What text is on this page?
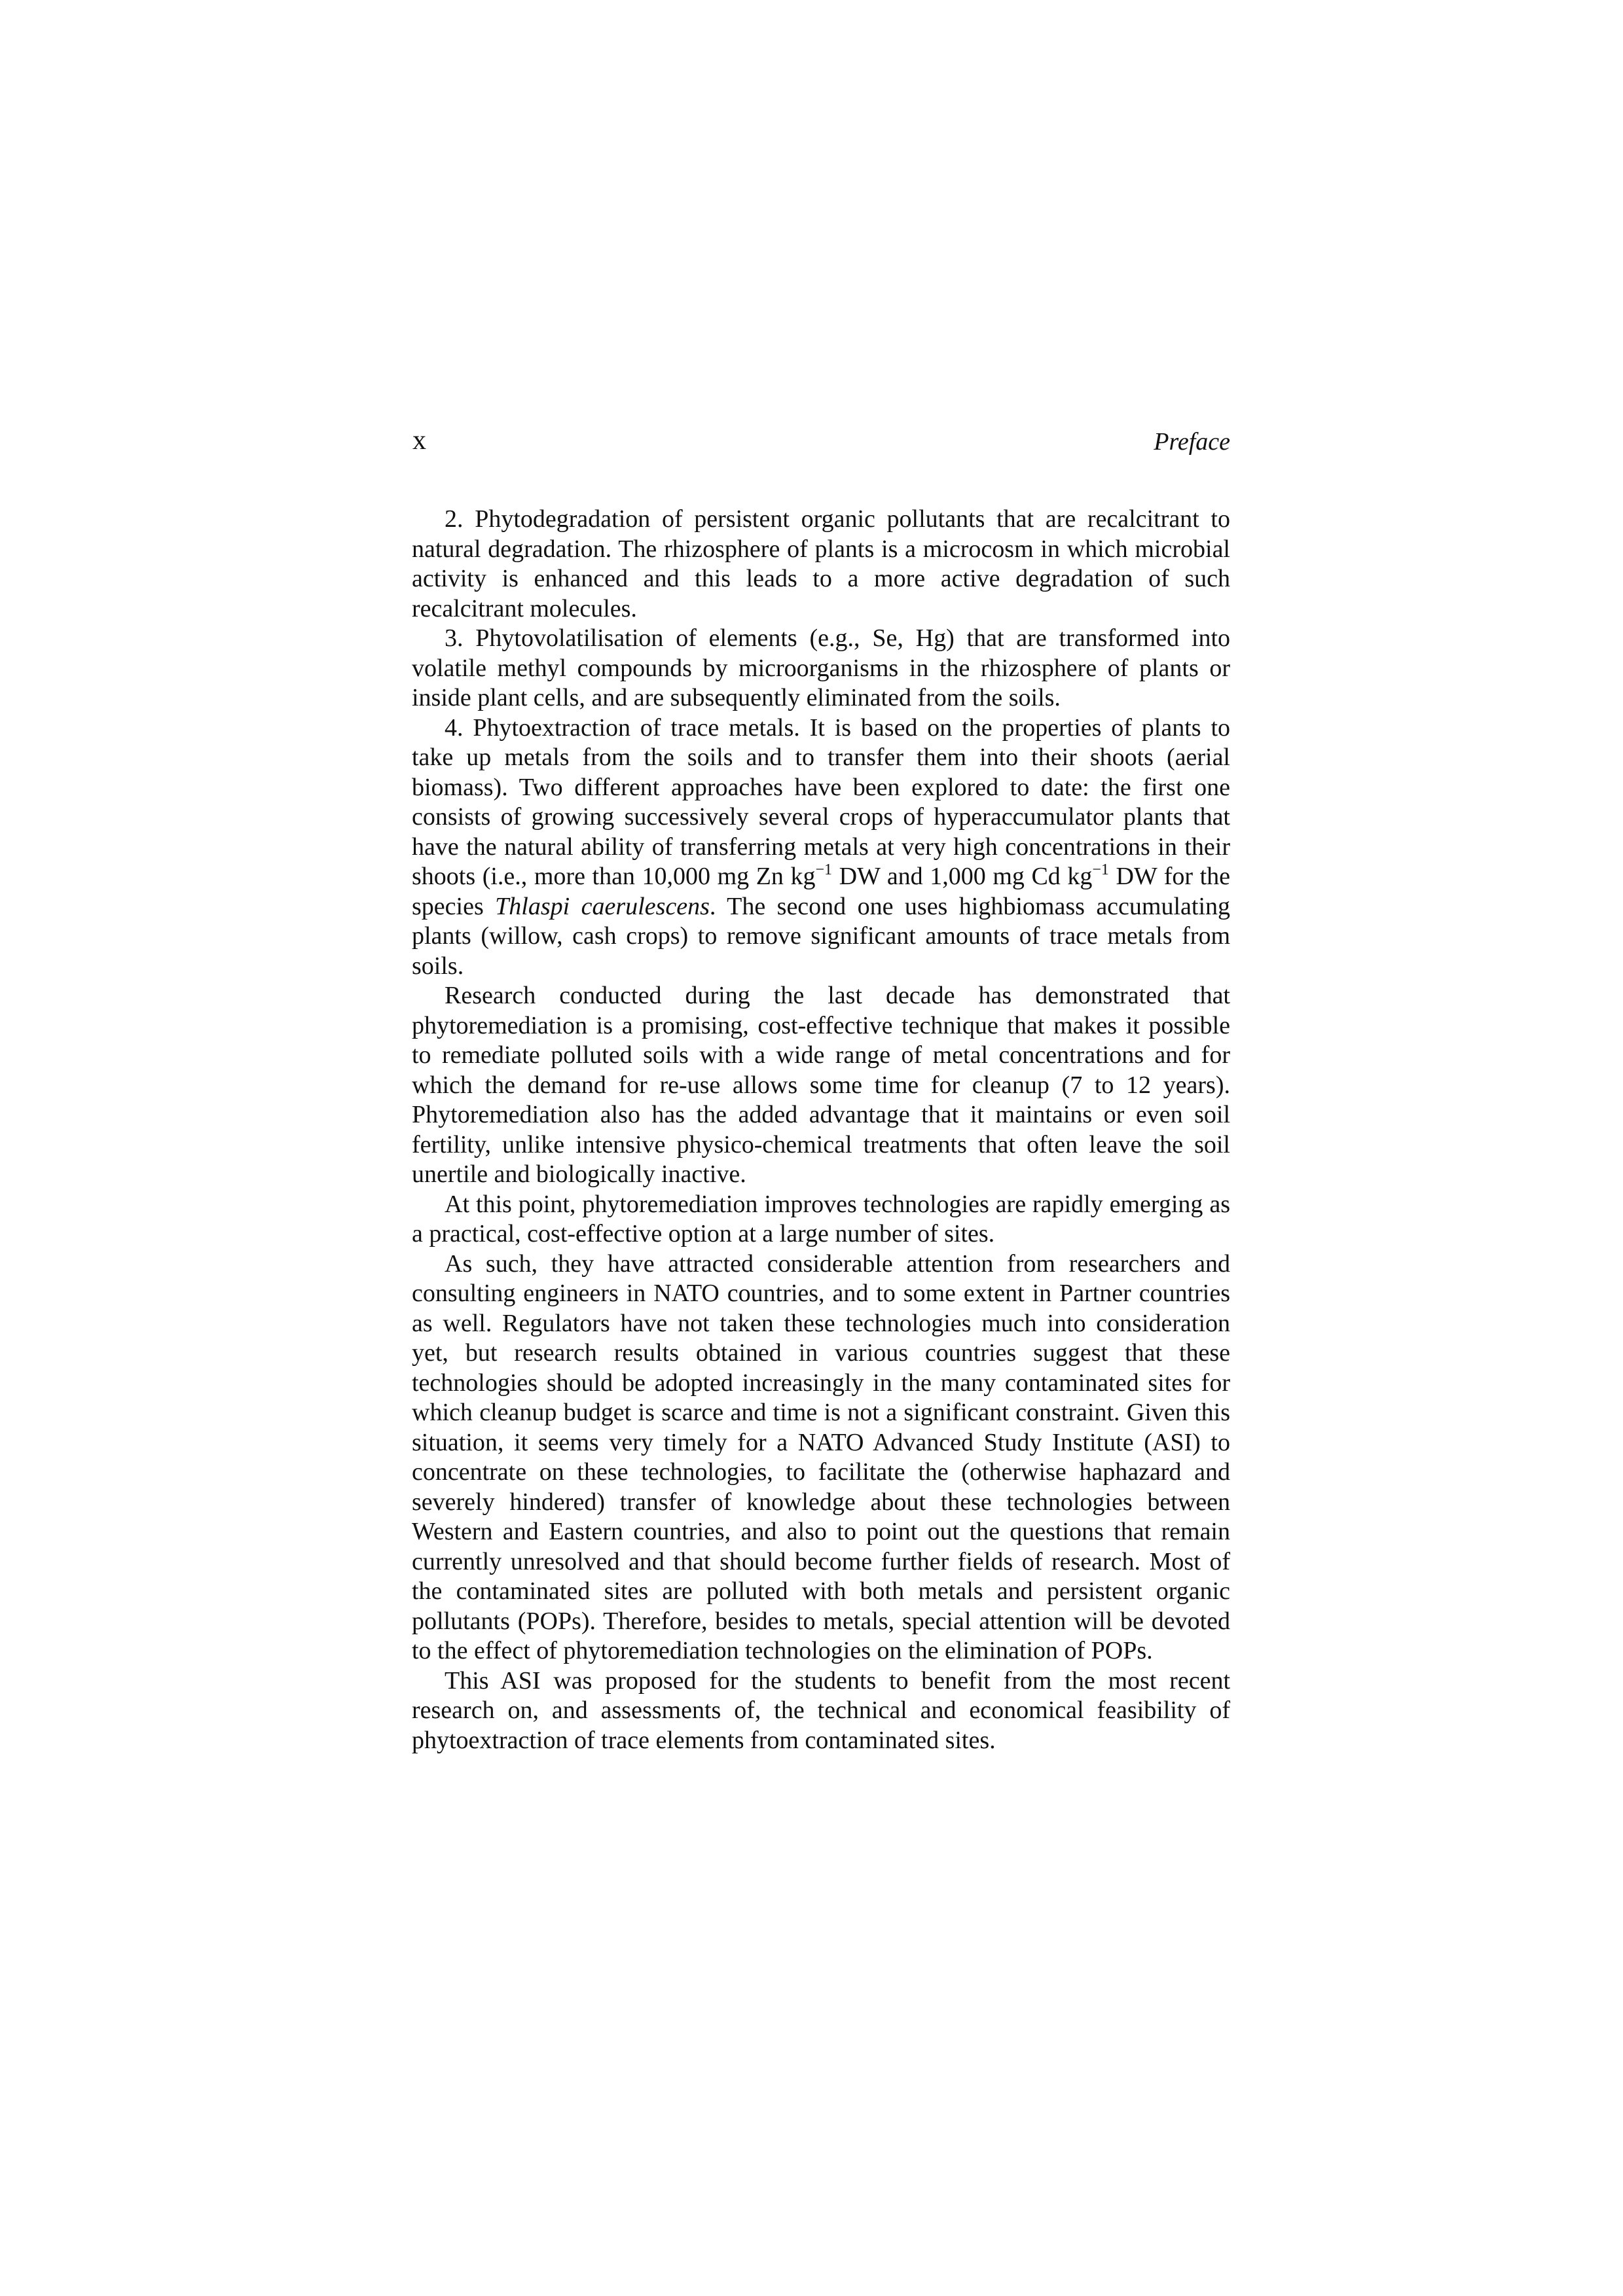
x	Preface

2. Phytodegradation of persistent organic pollutants that are recalcitrant to natural degradation. The rhizosphere of plants is a microcosm in which microbial activity is enhanced and this leads to a more active degradation of such recalcitrant molecules.

3. Phytovolatilisation of elements (e.g., Se, Hg) that are transformed into volatile methyl compounds by microorganisms in the rhizosphere of plants or inside plant cells, and are subsequently eliminated from the soils.

4. Phytoextraction of trace metals. It is based on the properties of plants to take up metals from the soils and to transfer them into their shoots (aerial biomass). Two different approaches have been explored to date: the first one consists of growing successively several crops of hyperaccumulator plants that have the natural ability of transferring metals at very high concentrations in their shoots (i.e., more than 10,000 mg Zn $kg^{-1}$ DW and 1,000 mg Cd $kg^{-1}$ DW for the species Thlaspi caerulescens. The second one uses highbiomass accumulating plants (willow, cash crops) to remove significant amounts of trace metals from soils.

Research conducted during the last decade has demonstrated that phytoremediation is a promising, cost-effective technique that makes it possible to remediate polluted soils with a wide range of metal concentrations and for which the demand for re-use allows some time for cleanup (7 to 12 years). Phytoremediation also has the added advantage that it maintains or even soil fertility, unlike intensive physico-chemical treatments that often leave the soil unertile and biologically inactive.

At this point, phytoremediation improves technologies are rapidly emerging as a practical, cost-effective option at a large number of sites.

As such, they have attracted considerable attention from researchers and consulting engineers in NATO countries, and to some extent in Partner countries as well. Regulators have not taken these technologies much into consideration yet, but research results obtained in various countries suggest that these technologies should be adopted increasingly in the many contaminated sites for which cleanup budget is scarce and time is not a significant constraint. Given this situation, it seems very timely for a NATO Advanced Study Institute (ASI) to concentrate on these technologies, to facilitate the (otherwise haphazard and severely hindered) transfer of knowledge about these technologies between Western and Eastern countries, and also to point out the questions that remain currently unresolved and that should become further fields of research. Most of the contaminated sites are polluted with both metals and persistent organic pollutants (POPs). Therefore, besides to metals, special attention will be devoted to the effect of phytoremediation technologies on the elimination of POPs.

This ASI was proposed for the students to benefit from the most recent research on, and assessments of, the technical and economical feasibility of phytoextraction of trace elements from contaminated sites.
